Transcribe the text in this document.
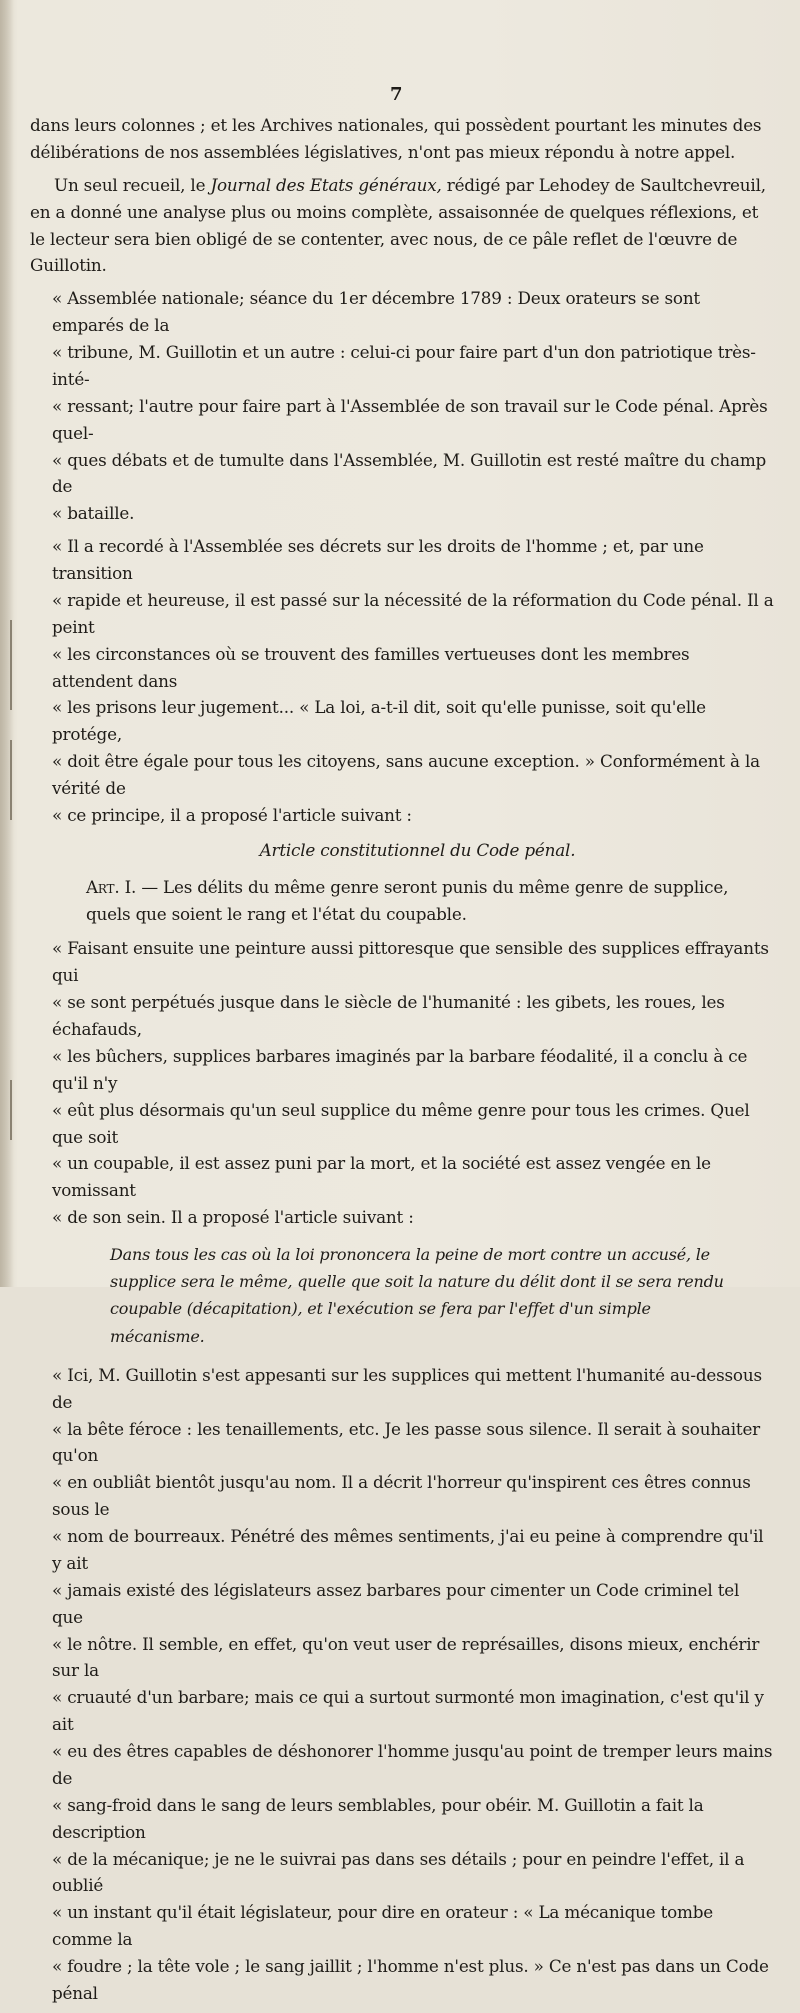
7

dans leurs colonnes ; et les Archives nationales, qui possèdent pourtant les minutes des délibérations de nos assemblées législatives, n'ont pas mieux répondu à notre appel.

Un seul recueil, le Journal des Etats généraux, rédigé par Lehodey de Saultchevreuil, en a donné une analyse plus ou moins complète, assaisonnée de quelques réflexions, et le lecteur sera bien obligé de se contenter, avec nous, de ce pâle reflet de l'œuvre de Guillotin.

« Assemblée nationale; séance du 1er décembre 1789 : Deux orateurs se sont emparés de la
« tribune, M. Guillotin et un autre : celui-ci pour faire part d'un don patriotique très-inté-
« ressant; l'autre pour faire part à l'Assemblée de son travail sur le Code pénal. Après quel-
« ques débats et de tumulte dans l'Assemblée, M. Guillotin est resté maître du champ de
« bataille.
« Il a recordé à l'Assemblée ses décrets sur les droits de l'homme ; et, par une transition
« rapide et heureuse, il est passé sur la nécessité de la réformation du Code pénal. Il a peint
« les circonstances où se trouvent des familles vertueuses dont les membres attendent dans
« les prisons leur jugement... « La loi, a-t-il dit, soit qu'elle punisse, soit qu'elle protége,
« doit être égale pour tous les citoyens, sans aucune exception. » Conformément à la vérité de
« ce principe, il a proposé l'article suivant :

Article constitutionnel du Code pénal.

Art. I. — Les délits du même genre seront punis du même genre de supplice, quels que soient le rang et l'état du coupable.

« Faisant ensuite une peinture aussi pittoresque que sensible des supplices effrayants qui
« se sont perpétués jusque dans le siècle de l'humanité : les gibets, les roues, les échafauds,
« les bûchers, supplices barbares imaginés par la barbare féodalité, il a conclu à ce qu'il n'y
« eût plus désormais qu'un seul supplice du même genre pour tous les crimes. Quel que soit
« un coupable, il est assez puni par la mort, et la société est assez vengée en le vomissant
« de son sein. Il a proposé l'article suivant :

Dans tous les cas où la loi prononcera la peine de mort contre un accusé, le supplice sera le même, quelle que soit la nature du délit dont il se sera rendu coupable (décapitation), et l'exécution se fera par l'effet d'un simple mécanisme.

« Ici, M. Guillotin s'est appesanti sur les supplices qui mettent l'humanité au-dessous de
« la bête féroce : les tenaillements, etc. Je les passe sous silence. Il serait à souhaiter qu'on
« en oubliât bientôt jusqu'au nom. Il a décrit l'horreur qu'inspirent ces êtres connus sous le
« nom de bourreaux. Pénétré des mêmes sentiments, j'ai eu peine à comprendre qu'il y ait
« jamais existé des législateurs assez barbares pour cimenter un Code criminel tel que
« le nôtre. Il semble, en effet, qu'on veut user de représailles, disons mieux, enchérir sur la
« cruauté d'un barbare; mais ce qui a surtout surmonté mon imagination, c'est qu'il y ait
« eu des êtres capables de déshonorer l'homme jusqu'au point de tremper leurs mains de
« sang-froid dans le sang de leurs semblables, pour obéir. M. Guillotin a fait la description
« de la mécanique; je ne le suivrai pas dans ses détails ; pour en peindre l'effet, il a oublié
« un instant qu'il était législateur, pour dire en orateur : « La mécanique tombe comme la
« foudre ; la tête vole ; le sang jaillit ; l'homme n'est plus. » Ce n'est pas dans un Code pénal
